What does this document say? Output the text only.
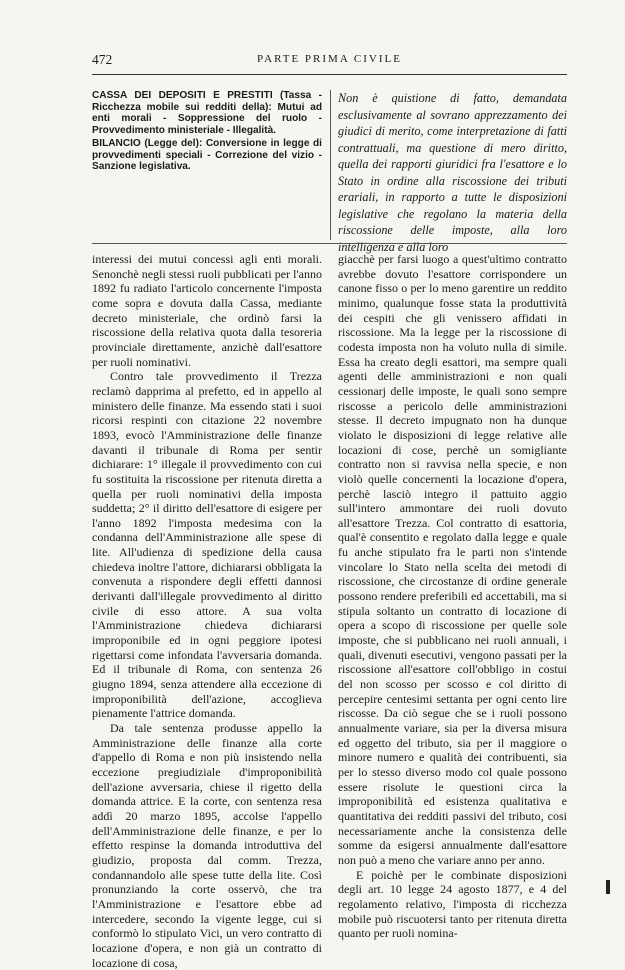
472	PARTE PRIMA CIVILE

CASSA DEI DEPOSITI E PRESTITI (Tassa - Ricchezza mobile sui redditi della): Mutui ad enti morali - Soppressione del ruolo - Provvedimento ministeriale - Illegalità.

BILANCIO (Legge del): Conversione in legge di provvedimenti speciali - Correzione del vizio - Sanzione legislativa.

Non è quistione di fatto, demandata esclusivamente al sovrano apprezzamento dei giudici di merito, come interpretazione di fatti contrattuali, ma questione di mero diritto, quella dei rapporti giuridici fra l'esattore e lo Stato in ordine alla riscossione dei tributi erariali, in rapporto a tutte le disposizioni legislative che regolano la materia della riscossione delle imposte, alla loro intelligenza e alla loro

interessi dei mutui concessi agli enti morali. Senonchè negli stessi ruoli pubblicati per l'anno 1892 fu radiato l'articolo concernente l'imposta come sopra e dovuta dalla Cassa, mediante decreto ministeriale, che ordinò farsi la riscossione della relativa quota dalla tesoreria provinciale direttamente, anzichè dall'esattore per ruoli nominativi.

Contro tale provvedimento il Trezza reclamò dapprima al prefetto, ed in appello al ministero delle finanze. Ma essendo stati i suoi ricorsi respinti con citazione 22 novembre 1893, evocò l'Amministrazione delle finanze davanti il tribunale di Roma per sentir dichiarare: 1° illegale il provvedimento con cui fu sostituita la riscossione per ritenuta diretta a quella per ruoli nominativi della imposta suddetta; 2° il diritto dell'esattore di esigere per l'anno 1892 l'imposta medesima con la condanna dell'Amministrazione alle spese di lite. All'udienza di spedizione della causa chiedeva inoltre l'attore, dichiararsi obbligata la convenuta a rispondere degli effetti dannosi derivanti dall'illegale provvedimento al diritto civile di esso attore. A sua volta l'Amministrazione chiedeva dichiararsi improponibile ed in ogni peggiore ipotesi rigettarsi come infondata l'avversaria domanda. Ed il tribunale di Roma, con sentenza 26 giugno 1894, senza attendere alla eccezione di improponibilità dell'azione, accoglieva pienamente l'attrice domanda.

Da tale sentenza produsse appello la Amministrazione delle finanze alla corte d'appello di Roma e non più insistendo nella eccezione pregiudiziale d'improponibilità dell'azione avversaria, chiese il rigetto della domanda attrice. E la corte, con sentenza resa addì 20 marzo 1895, accolse l'appello dell'Amministrazione delle finanze, e per lo effetto respinse la domanda introduttiva del giudizio, proposta dal comm. Trezza, condannandolo alle spese tutte della lite. Così pronunziando la corte osservò, che tra l'Amministrazione e l'esattore ebbe ad intercedere, secondo la vigente legge, cui si conformò lo stipulato Vici, un vero contratto di locazione d'opera, e non già un contratto di locazione di cosa,

giacchè per farsi luogo a quest'ultimo contratto avrebbe dovuto l'esattore corrispondere un canone fisso o per lo meno garentire un reddito minimo, qualunque fosse stata la produttività dei cespiti che gli venissero affidati in riscossione. Ma la legge per la riscossione di codesta imposta non ha voluto nulla di simile. Essa ha creato degli esattori, ma sempre quali agenti delle amministrazioni e non quali cessionarj delle imposte, le quali sono sempre riscosse a pericolo delle amministrazioni stesse. Il decreto impugnato non ha dunque violato le disposizioni di legge relative alle locazioni di cose, perchè un somigliante contratto non si ravvisa nella specie, e non violò quelle concernenti la locazione d'opera, perchè lasciò integro il pattuito aggio sull'intero ammontare dei ruoli dovuto all'esattore Trezza. Col contratto di esattoria, qual'è consentito e regolato dalla legge e quale fu anche stipulato fra le parti non s'intende vincolare lo Stato nella scelta dei metodi di riscossione, che circostanze di ordine generale possono rendere preferibili ed accettabili, ma si stipula soltanto un contratto di locazione di opera a scopo di riscossione per quelle sole imposte, che si pubblicano nei ruoli annuali, i quali, divenuti esecutivi, vengono passati per la riscossione all'esattore coll'obbligo in costui del non scosso per scosso e col diritto di percepire centesimi settanta per ogni cento lire riscosse. Da ciò segue che se i ruoli possono annualmente variare, sia per la diversa misura ed oggetto del tributo, sia per il maggiore o minore numero e qualità dei contribuenti, sia per lo stesso diverso modo col quale possono essere risolute le questioni circa la improponibilità ed esistenza qualitativa e quantitativa dei redditi passivi del tributo, cosi necessariamente anche la consistenza delle somme da esigersi annualmente dall'esattore non può a meno che variare anno per anno.

E poichè per le combinate disposizioni degli art. 10 legge 24 agosto 1877, e 4 del regolamento relativo, l'imposta di ricchezza mobile può riscuotersi tanto per ritenuta diretta quanto per ruoli nomina-
